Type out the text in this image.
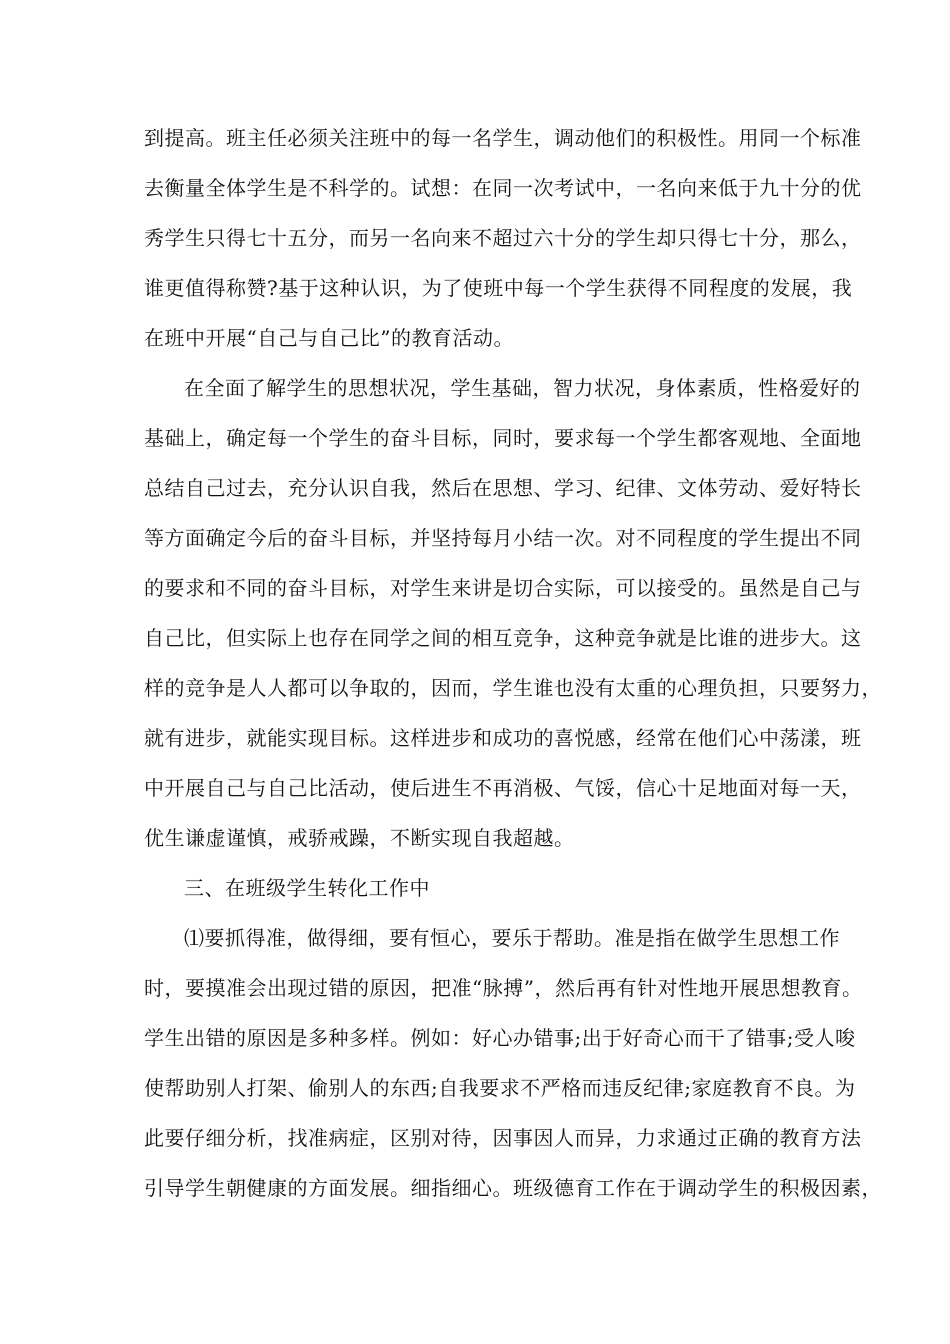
到提高。班主任必须关注班中的每一名学生，调动他们的积极性。用同一个标准
去衡量全体学生是不科学的。试想：在同一次考试中，一名向来低于九十分的优
秀学生只得七十五分，而另一名向来不超过六十分的学生却只得七十分，那么，
谁更值得称赞?基于这种认识，为了使班中每一个学生获得不同程度的发展，我
在班中开展“自己与自己比”的教育活动。
在全面了解学生的思想状况，学生基础，智力状况，身体素质，性格爱好的
基础上，确定每一个学生的奋斗目标，同时，要求每一个学生都客观地、全面地
总结自己过去，充分认识自我，然后在思想、学习、纪律、文体劳动、爱好特长
等方面确定今后的奋斗目标，并坚持每月小结一次。对不同程度的学生提出不同
的要求和不同的奋斗目标，对学生来讲是切合实际，可以接受的。虽然是自己与
自己比，但实际上也存在同学之间的相互竞争，这种竞争就是比谁的进步大。这
样的竞争是人人都可以争取的，因而，学生谁也没有太重的心理负担，只要努力，
就有进步，就能实现目标。这样进步和成功的喜悦感，经常在他们心中荡漾，班
中开展自己与自己比活动，使后进生不再消极、气馁，信心十足地面对每一天，
优生谦虚谨慎，戒骄戒躁，不断实现自我超越。
三、在班级学生转化工作中
⑴要抓得准，做得细，要有恒心，要乐于帮助。准是指在做学生思想工作
时，要摸准会出现过错的原因，把准“脉搏”，然后再有针对性地开展思想教育。
学生出错的原因是多种多样。例如：好心办错事;出于好奇心而干了错事;受人唆
使帮助别人打架、偷别人的东西;自我要求不严格而违反纪律;家庭教育不良。为
此要仔细分析，找准病症，区别对待，因事因人而异，力求通过正确的教育方法
引导学生朝健康的方面发展。细指细心。班级德育工作在于调动学生的积极因素，
